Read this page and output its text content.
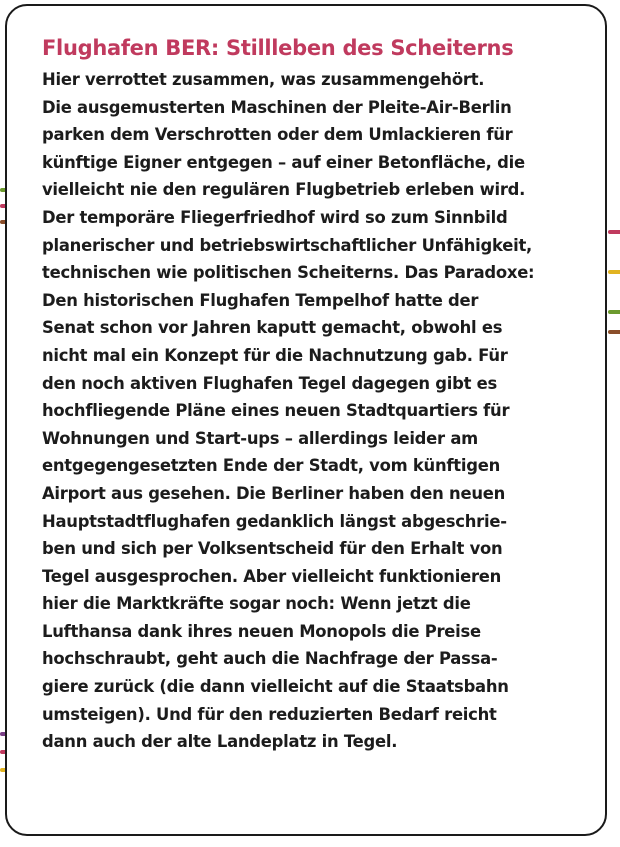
Flughafen BER: Stillleben des Scheiterns

Hier verrottet zusammen, was zusammengehört.
Die ausgemusterten Maschinen der Pleite-Air-Berlin
parken dem Verschrotten oder dem Umlackieren für
künftige Eigner entgegen – auf einer Betonfläche, die
vielleicht nie den regulären Flugbetrieb erleben wird.
Der temporäre Fliegerfriedhof wird so zum Sinnbild
planerischer und betriebswirtschaftlicher Unfähigkeit,
technischen wie politischen Scheiterns. Das Paradoxe:
Den historischen Flughafen Tempelhof hatte der
Senat schon vor Jahren kaputt gemacht, obwohl es
nicht mal ein Konzept für die Nachnutzung gab. Für
den noch aktiven Flughafen Tegel dagegen gibt es
hochfliegende Pläne eines neuen Stadtquartiers für
Wohnungen und Start-ups – allerdings leider am
entgegengesetzten Ende der Stadt, vom künftigen
Airport aus gesehen. Die Berliner haben den neuen
Hauptstadtflughafen gedanklich längst abgeschrie-
ben und sich per Volksentscheid für den Erhalt von
Tegel ausgesprochen. Aber vielleicht funktionieren
hier die Marktkräfte sogar noch: Wenn jetzt die
Lufthansa dank ihres neuen Monopols die Preise
hochschraubt, geht auch die Nachfrage der Passa-
giere zurück (die dann vielleicht auf die Staatsbahn
umsteigen). Und für den reduzierten Bedarf reicht
dann auch der alte Landeplatz in Tegel.
